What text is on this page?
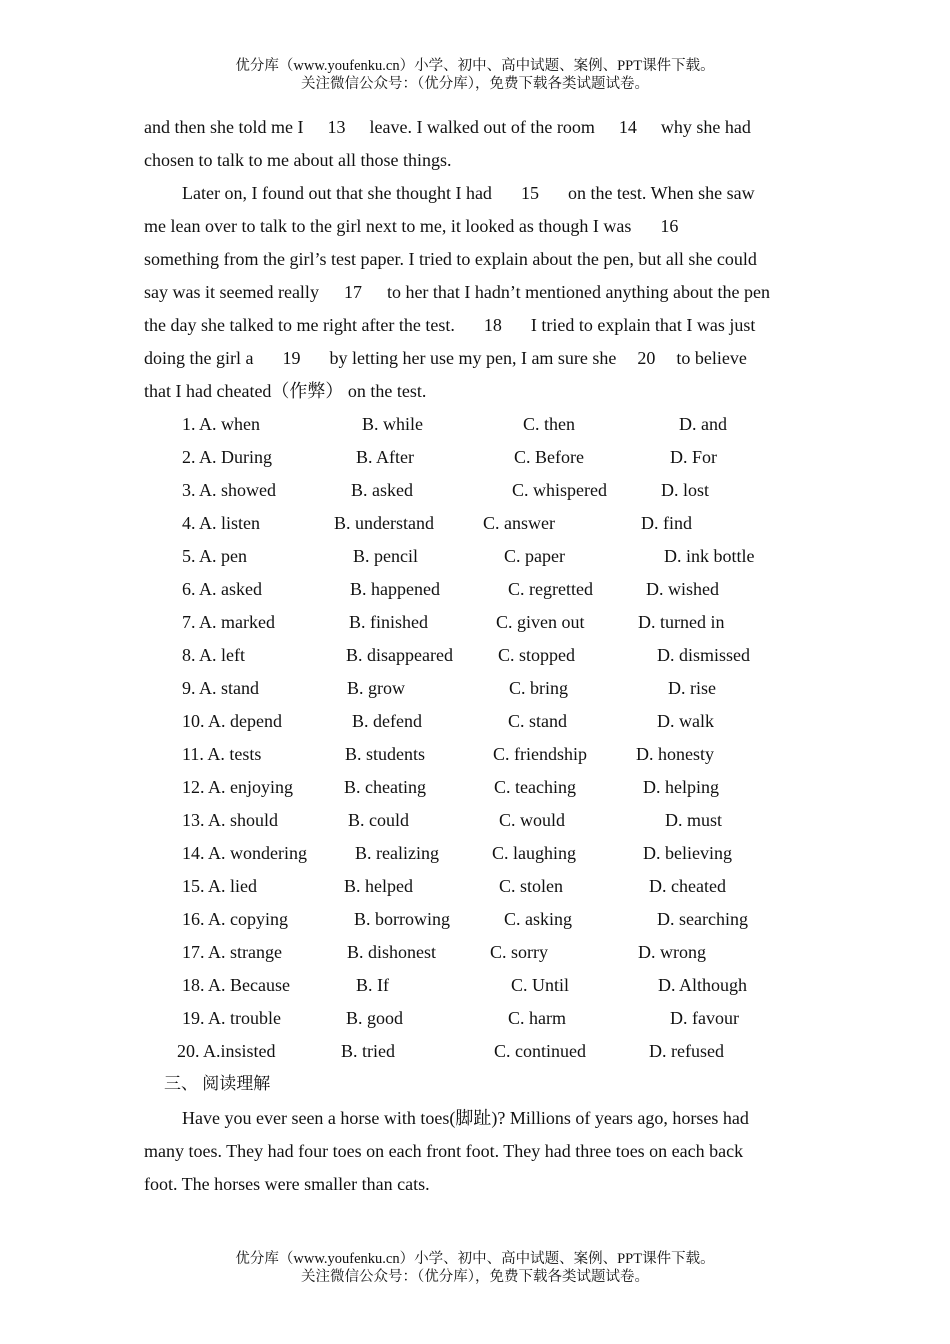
优分库（www.youfenku.cn）小学、初中、高中试题、案例、PPT课件下载。
关注微信公众号：（优分库），免费下载各类试题试卷。
and then she told me I 13 leave. I walked out of the room 14 why she had
chosen to talk to me about all those things.
Later on, I found out that she thought I had 15 on the test. When she saw
me lean over to talk to the girl next to me, it looked as though I was 16
something from the girl’s test paper. I tried to explain about the pen, but all she could
say was it seemed really 17 to her that I hadn’t mentioned anything about the pen
the day she talked to me right after the test. 18 I tried to explain that I was just
doing the girl a 19 by letting her use my pen, I am sure she 20 to believe
that I had cheated（作弊） on the test.
1. A. when	B. while	C. then	D. and
2. A. During	B. After	C. Before	D. For
3. A. showed	B. asked	C. whispered	D. lost
4. A. listen	B. understand	C. answer	D. find
5. A. pen	B. pencil	C. paper	D. ink bottle
6. A. asked	B. happened	C. regretted	D. wished
7. A. marked	B. finished	C. given out	D. turned in
8. A. left	B. disappeared	C. stopped	D. dismissed
9. A. stand	B. grow	C. bring	D. rise
10. A. depend	B. defend	C. stand	D. walk
11. A. tests	B. students	C. friendship	D. honesty
12. A. enjoying	B. cheating	C. teaching	D. helping
13. A. should	B. could	C. would	D. must
14. A. wondering	B. realizing	C. laughing	D. believing
15. A. lied	B. helped	C. stolen	D. cheated
16. A. copying	B. borrowing	C. asking	D. searching
17. A. strange	B. dishonest	C. sorry	D. wrong
18. A. Because	B. If	C. Until	D. Although
19. A. trouble	B. good	C. harm	D. favour
20. A.insisted	B. tried	C. continued	D. refused
三、 阅读理解
Have you ever seen a horse with toes(脚趾)? Millions of years ago, horses had
many toes. They had four toes on each front foot. They had three toes on each back
foot. The horses were smaller than cats.
优分库（www.youfenku.cn）小学、初中、高中试题、案例、PPT课件下载。
关注微信公众号：（优分库），免费下载各类试题试卷。
